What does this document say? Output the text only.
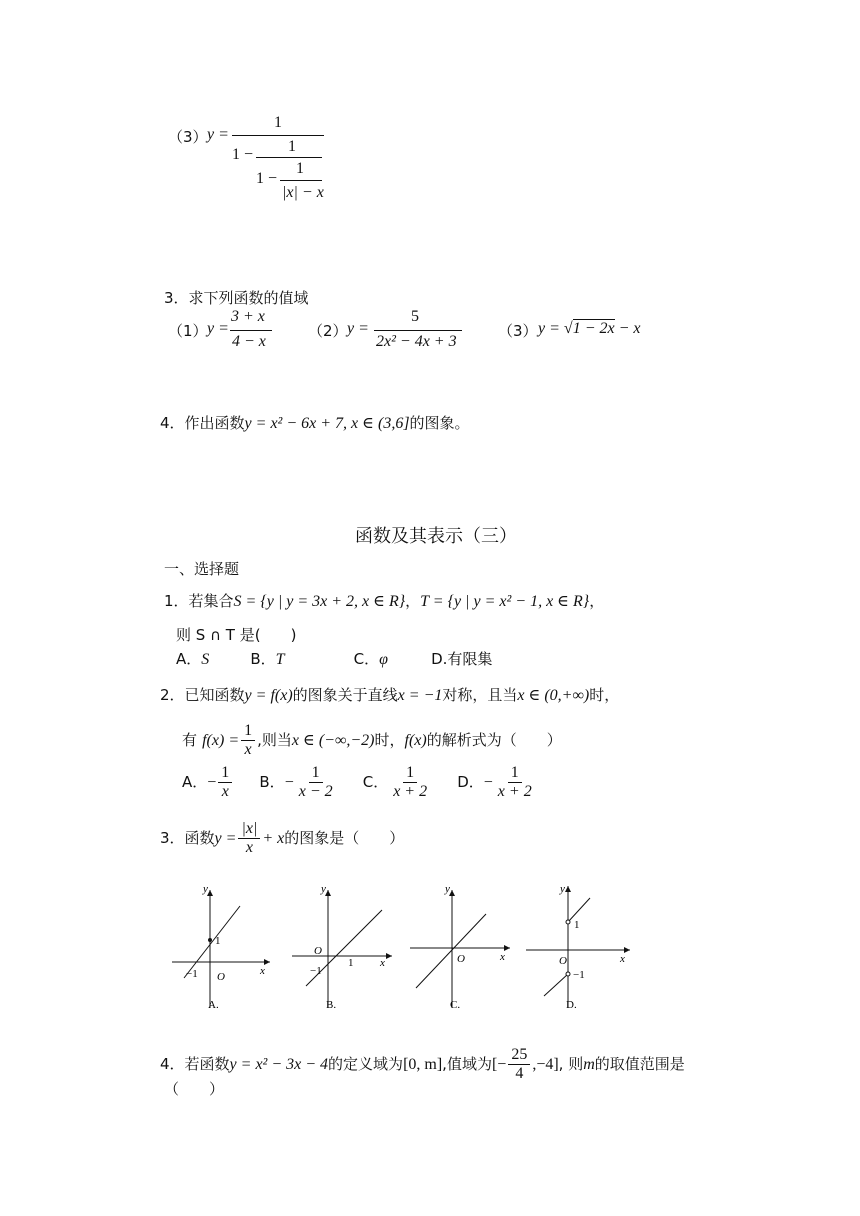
（3） y =
1
1 − 1
1 −
1
|x| − x
3．求下列函数的值域
（1） y =
3 + x
4 − x
（2） y =
5
2x² − 4x + 3
（3） y = √1 − 2x − x
4．作出函数y = x² − 6x + 7, x ∈ (3,6]的图象。
函数及其表示（三）
一、选择题
1．若集合S = {y | y = 3x + 2, x ∈ R}，T = {y | y = x² − 1, x ∈ R}，
则 S ∩ T 是(　　)
A．S	B．T	C．φ	D.有限集
2．已知函数y = f(x)的图象关于直线x = −1对称，且当x ∈ (0,+∞)时，
有 $f(x) = \frac{1}{x}$ ,则当x ∈ (−∞,−2)时，f(x)的解析式为（　　）
A．− $\frac{1}{x}$ B．− $\frac{1}{x - 2}$ C． $\frac{1}{x + 2}$ D．− $\frac{1}{x + 2}$
3．函数$y = \frac{|x|}{x} + x$的图象是（　　）
y
x
O
1
−1
A.
y
x
O
1
−1
B.
y
x
O
C.
y
x
O
1
−1
D.
4．若函数y = x² − 3x − 4的定义域为[0, m],值域为[− $\frac{25}{4} ,-4$], 则m的取值范围是
（　　）
